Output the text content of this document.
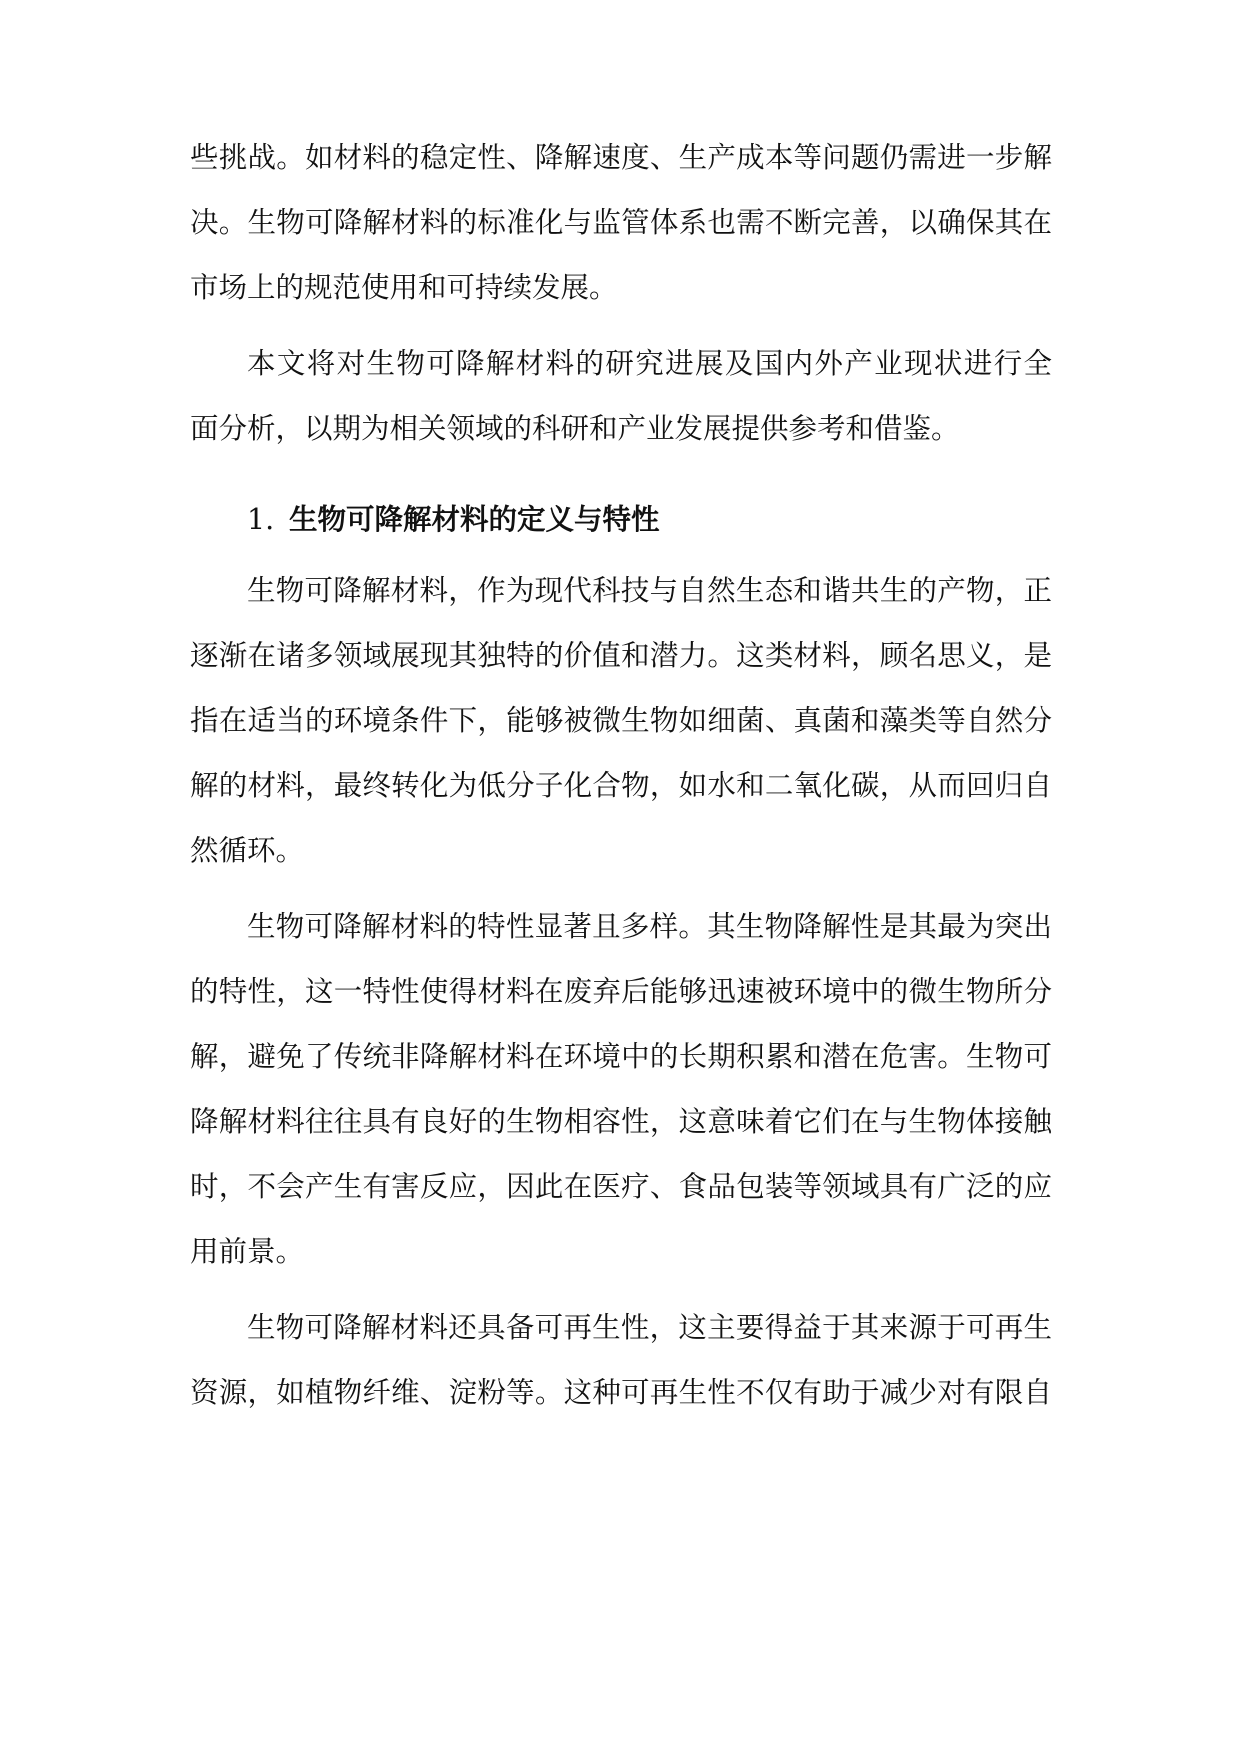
些挑战。如材料的稳定性、降解速度、生产成本等问题仍需进一步解
决。生物可降解材料的标准化与监管体系也需不断完善，以确保其在
市场上的规范使用和可持续发展。
本文将对生物可降解材料的研究进展及国内外产业现状进行全
面分析，以期为相关领域的科研和产业发展提供参考和借鉴。
1. 生物可降解材料的定义与特性
生物可降解材料，作为现代科技与自然生态和谐共生的产物，正
逐渐在诸多领域展现其独特的价值和潜力。这类材料，顾名思义，是
指在适当的环境条件下，能够被微生物如细菌、真菌和藻类等自然分
解的材料，最终转化为低分子化合物，如水和二氧化碳，从而回归自
然循环。
生物可降解材料的特性显著且多样。其生物降解性是其最为突出
的特性，这一特性使得材料在废弃后能够迅速被环境中的微生物所分
解，避免了传统非降解材料在环境中的长期积累和潜在危害。生物可
降解材料往往具有良好的生物相容性，这意味着它们在与生物体接触
时，不会产生有害反应，因此在医疗、食品包装等领域具有广泛的应
用前景。
生物可降解材料还具备可再生性，这主要得益于其来源于可再生
资源，如植物纤维、淀粉等。这种可再生性不仅有助于减少对有限自
